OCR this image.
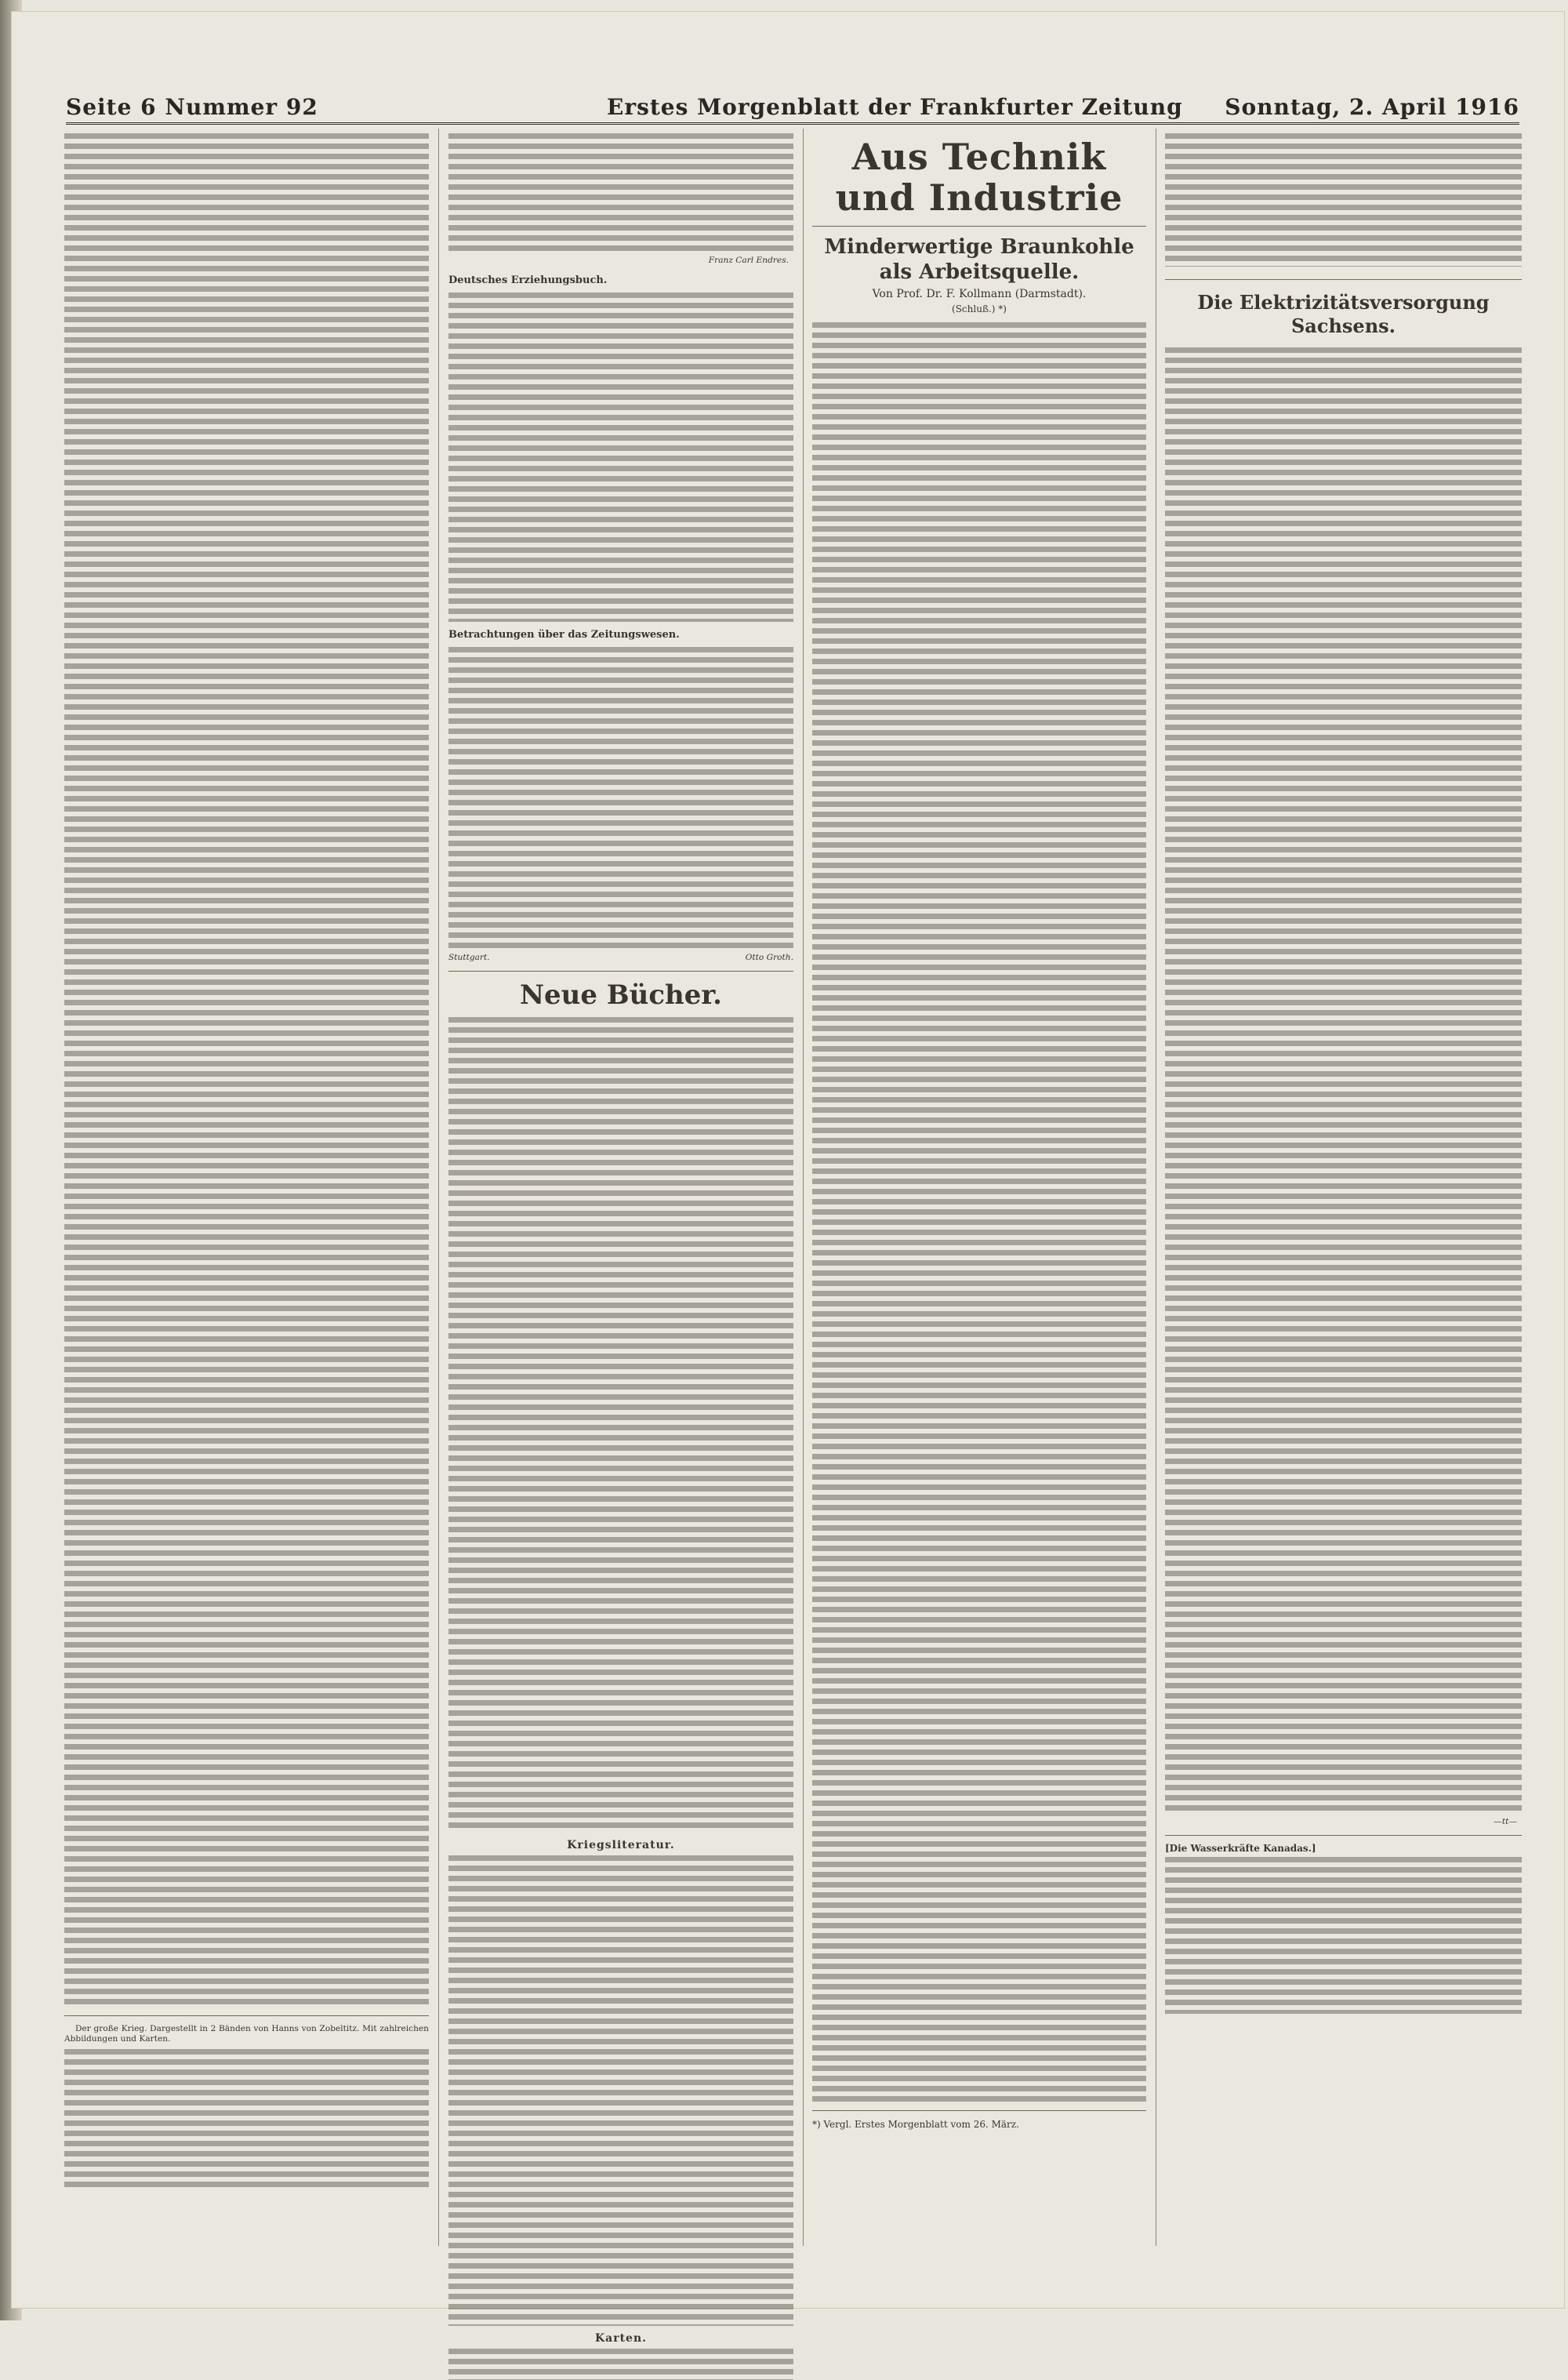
Seite 6 Nummer 92	Erstes Morgenblatt der Frankfurter Zeitung Sonntag, 2. April 1916

Der große Krieg. Dargestellt in 2 Bänden von Hanns von Zobeltitz. Mit zahlreichen Abbildungen und Karten.

Franz Carl Endres.
Deutsches Erziehungsbuch.
Betrachtungen über das Zeitungswesen.
Stuttgart.	Otto Groth.
Neue Bücher.
Kriegsliteratur.
Karten.
Aus Technik und Industrie
Minderwertige Braunkohle als Arbeitsquelle.
Von Prof. Dr. F. Kollmann (Darmstadt).
(Schluß.) *)
*) Vergl. Erstes Morgenblatt vom 26. März.
Die Elektrizitätsversorgung Sachsens.
—tt—
[Die Wasserkräfte Kanadas.]
